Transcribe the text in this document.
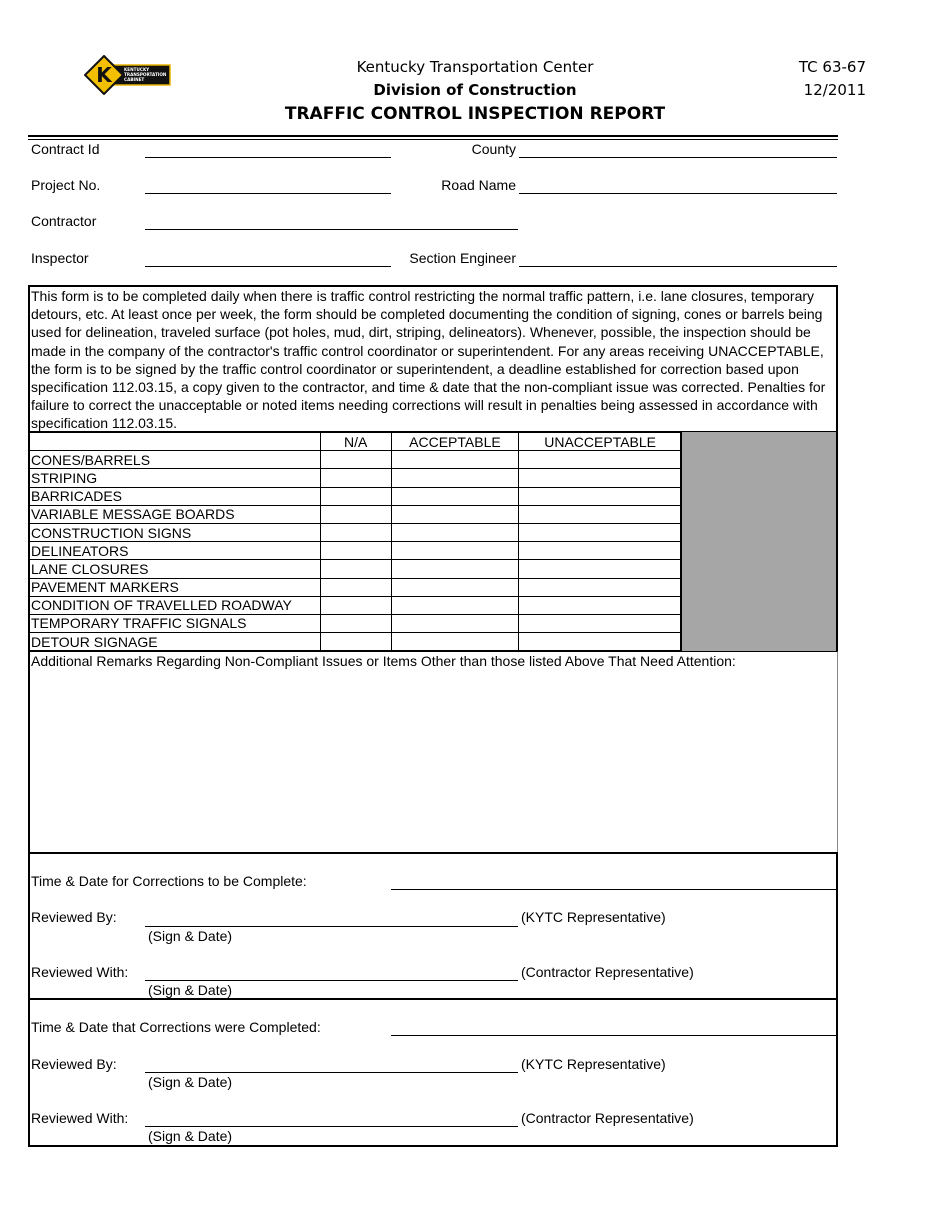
K	KENTUCKY TRANSPORTATION CABINET
Kentucky Transportation Center
Division of Construction
TRAFFIC CONTROL INSPECTION REPORT
TC 63-67
12/2011
Contract Id	County
Project No.	Road Name
Contractor
Inspector	Section Engineer
This form is to be completed daily when there is traffic control restricting the normal traffic pattern, i.e. lane closures, temporary detours, etc. At least once per week, the form should be completed documenting the condition of signing, cones or barrels being used for delineation, traveled surface (pot holes, mud, dirt, striping, delineators). Whenever, possible, the inspection should be made in the company of the contractor's traffic control coordinator or superintendent. For any areas receiving UNACCEPTABLE, the form is to be signed by the traffic control coordinator or superintendent, a deadline established for correction based upon specification 112.03.15, a copy given to the contractor, and time & date that the non-compliant issue was corrected. Penalties for failure to correct the unacceptable or noted items needing corrections will result in penalties being assessed in accordance with specification 112.03.15.
	N/A	ACCEPTABLE	UNACCEPTABLE
CONES/BARRELS			
STRIPING			
BARRICADES			
VARIABLE MESSAGE BOARDS			
CONSTRUCTION SIGNS			
DELINEATORS			
LANE CLOSURES			
PAVEMENT MARKERS			
CONDITION OF TRAVELLED ROADWAY			
TEMPORARY TRAFFIC SIGNALS			
DETOUR SIGNAGE			
Additional Remarks Regarding Non-Compliant Issues or Items Other than those listed Above That Need Attention:
Time & Date for Corrections to be Complete:
Reviewed By:	(KYTC Representative)
(Sign & Date)
Reviewed With:	(Contractor Representative)
(Sign & Date)
Time & Date that Corrections were Completed:
Reviewed By:	(KYTC Representative)
(Sign & Date)
Reviewed With:	(Contractor Representative)
(Sign & Date)
